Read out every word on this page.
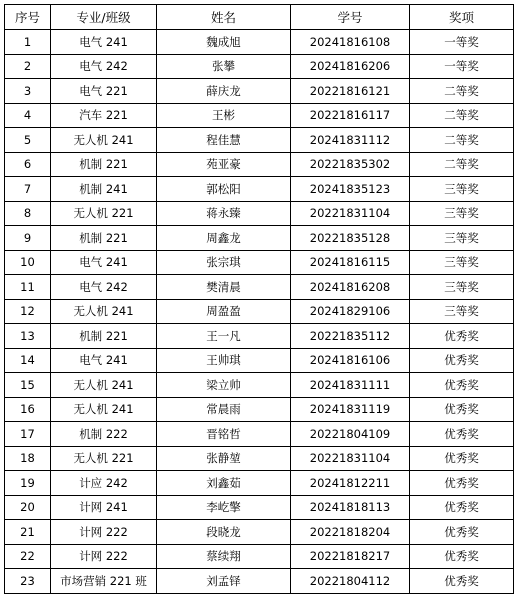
序号	专业/班级	姓名	学号	奖项
1	电气 241	魏成旭	20241816108	一等奖
2	电气 242	张攀	20241816206	一等奖
3	电气 221	薛庆龙	20221816121	二等奖
4	汽车 221	王彬	20221816117	二等奖
5	无人机 241	程佳慧	20241831112	二等奖
6	机制 221	苑亚豪	20221835302	二等奖
7	机制 241	郭松阳	20241835123	三等奖
8	无人机 221	蒋永臻	20221831104	三等奖
9	机制 221	周鑫龙	20221835128	三等奖
10	电气 241	张宗琪	20241816115	三等奖
11	电气 242	樊清晨	20241816208	三等奖
12	无人机 241	周盈盈	20241829106	三等奖
13	机制 221	王一凡	20221835112	优秀奖
14	电气 241	王帅琪	20241816106	优秀奖
15	无人机 241	梁立帅	20241831111	优秀奖
16	无人机 241	常晨雨	20241831119	优秀奖
17	机制 222	晋铭哲	20221804109	优秀奖
18	无人机 221	张静堃	20221831104	优秀奖
19	计应 242	刘鑫茹	20241812211	优秀奖
20	计网 241	李屹擎	20241818113	优秀奖
21	计网 222	段晓龙	20221818204	优秀奖
22	计网 222	蔡续翔	20221818217	优秀奖
23	市场营销 221 班	刘孟铎	20221804112	优秀奖
